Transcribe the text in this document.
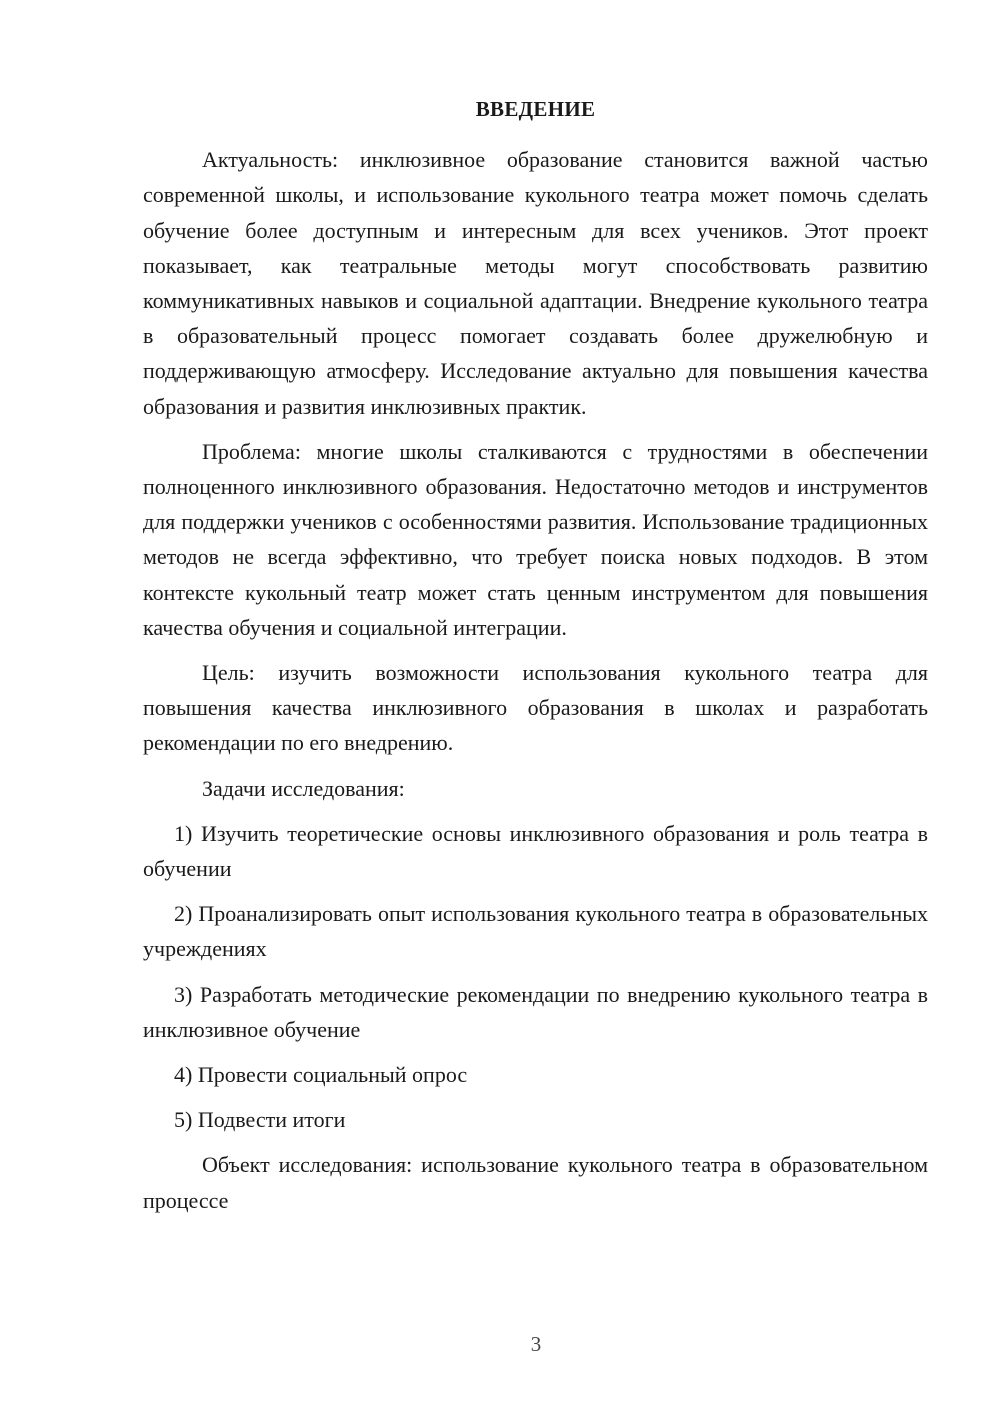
ВВЕДЕНИЕ

Актуальность: инклюзивное образование становится важной частью современной школы, и использование кукольного театра может помочь сделать обучение более доступным и интересным для всех учеников. Этот проект показывает, как театральные методы могут способствовать развитию коммуникативных навыков и социальной адаптации. Внедрение кукольного театра в образовательный процесс помогает создавать более дружелюбную и поддерживающую атмосферу. Исследование актуально для повышения качества образования и развития инклюзивных практик.

Проблема: многие школы сталкиваются с трудностями в обеспечении полноценного инклюзивного образования. Недостаточно методов и инструментов для поддержки учеников с особенностями развития. Использование традиционных методов не всегда эффективно, что требует поиска новых подходов. В этом контексте кукольный театр может стать ценным инструментом для повышения качества обучения и социальной интеграции.

Цель: изучить возможности использования кукольного театра для повышения качества инклюзивного образования в школах и разработать рекомендации по его внедрению.

Задачи исследования:

1) Изучить теоретические основы инклюзивного образования и роль театра в обучении

2) Проанализировать опыт использования кукольного театра в образовательных учреждениях

3) Разработать методические рекомендации по внедрению кукольного театра в инклюзивное обучение

4) Провести социальный опрос

5) Подвести итоги

Объект исследования: использование кукольного театра в образовательном процессе

3
